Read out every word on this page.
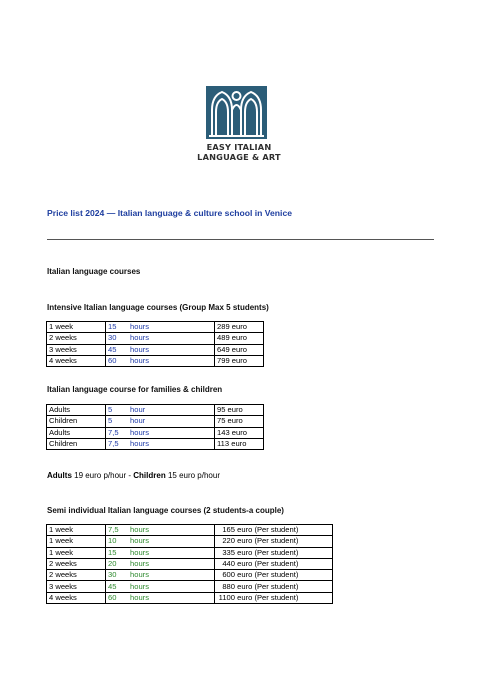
EASY ITALIAN
LANGUAGE & ART
Price list 2024 — Italian language & culture school in Venice
Italian language courses
Intensive Italian language courses (Group Max 5 students)
1 week	15 hours	289 euro
2 weeks	30 hours	489 euro
3 weeks	45 hours	649 euro
4 weeks	60 hours	799 euro
Italian language course for families & children
Adults	5 hour	95 euro
Children	5 hour	75 euro
Adults	7,5 hours	143 euro
Children	7,5 hours	113 euro
Adults 19 euro p/hour - Children 15 euro p/hour
Semi individual Italian language courses (2 students-a couple)
1 week	7,5 hours	165 euro (Per student)
1 week	10 hours	220 euro (Per student)
1 week	15 hours	335 euro (Per student)
2 weeks	20 hours	440 euro (Per student)
2 weeks	30 hours	600 euro (Per student)
3 weeks	45 hours	880 euro (Per student)
4 weeks	60 hours	1100 euro (Per student)
